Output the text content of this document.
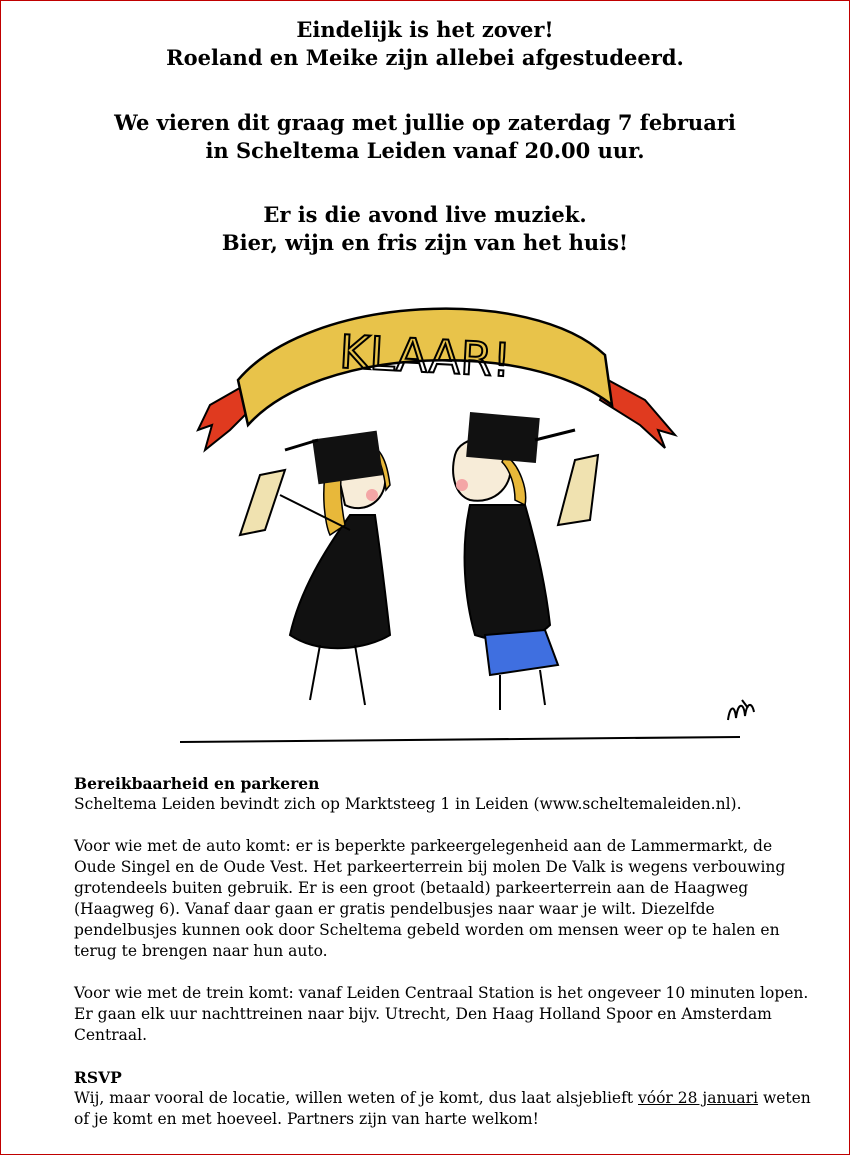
Eindelijk is het zover!
Roeland en Meike zijn allebei afgestudeerd.
We vieren dit graag met jullie op zaterdag 7 februari
in Scheltema Leiden vanaf 20.00 uur.
Er is die avond live muziek.
Bier, wijn en fris zijn van het huis!
KLAAR!

Bereikbaarheid en parkeren

Scheltema Leiden bevindt zich op Marktsteeg 1 in Leiden (www.scheltemaleiden.nl).

Voor wie met de auto komt: er is beperkte parkeergelegenheid aan de Lammermarkt, de Oude Singel en de Oude Vest. Het parkeerterrein bij molen De Valk is wegens verbouwing grotendeels buiten gebruik. Er is een groot (betaald) parkeerterrein aan de Haagweg (Haagweg 6). Vanaf daar gaan er gratis pendelbusjes naar waar je wilt. Diezelfde pendelbusjes kunnen ook door Scheltema gebeld worden om mensen weer op te halen en terug te brengen naar hun auto.

Voor wie met de trein komt: vanaf Leiden Centraal Station is het ongeveer 10 minuten lopen. Er gaan elk uur nachttreinen naar bijv. Utrecht, Den Haag Holland Spoor en Amsterdam Centraal.

RSVP

Wij, maar vooral de locatie, willen weten of je komt, dus laat alsjeblieft vóór 28 januari weten of je komt en met hoeveel. Partners zijn van harte welkom!
